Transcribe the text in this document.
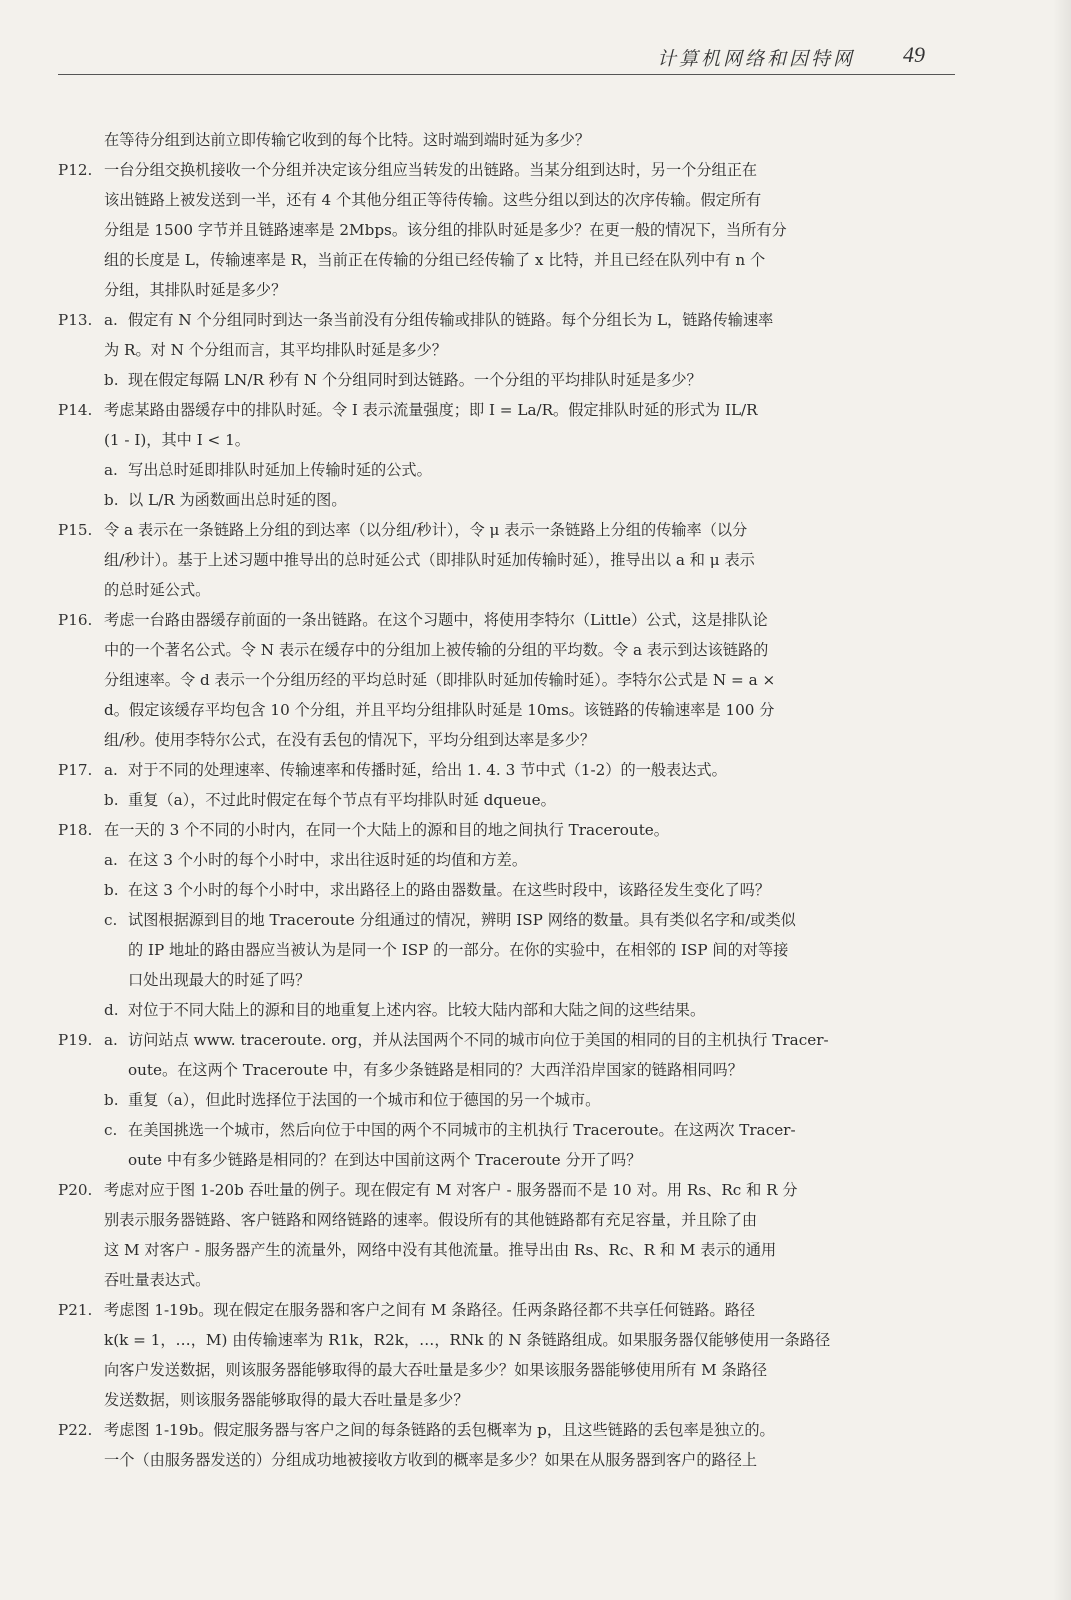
计算机网络和因特网 49
在等待分组到达前立即传输它收到的每个比特。这时端到端时延为多少？
P12. 一台分组交换机接收一个分组并决定该分组应当转发的出链路。当某分组到达时，另一个分组正在
该出链路上被发送到一半，还有 4 个其他分组正等待传输。这些分组以到达的次序传输。假定所有
分组是 1500 字节并且链路速率是 2Mbps。该分组的排队时延是多少？在更一般的情况下，当所有分
组的长度是 L，传输速率是 R，当前正在传输的分组已经传输了 x 比特，并且已经在队列中有 n 个
分组，其排队时延是多少？
P13. a. 假定有 N 个分组同时到达一条当前没有分组传输或排队的链路。每个分组长为 L，链路传输速率
为 R。对 N 个分组而言，其平均排队时延是多少？
b. 现在假定每隔 LN/R 秒有 N 个分组同时到达链路。一个分组的平均排队时延是多少？
P14. 考虑某路由器缓存中的排队时延。令 I 表示流量强度；即 I = La/R。假定排队时延的形式为 IL/R
(1 - I)，其中 I < 1。
a. 写出总时延即排队时延加上传输时延的公式。
b. 以 L/R 为函数画出总时延的图。
P15. 令 a 表示在一条链路上分组的到达率（以分组/秒计），令 μ 表示一条链路上分组的传输率（以分
组/秒计）。基于上述习题中推导出的总时延公式（即排队时延加传输时延），推导出以 a 和 μ 表示
的总时延公式。
P16. 考虑一台路由器缓存前面的一条出链路。在这个习题中，将使用李特尔（Little）公式，这是排队论
中的一个著名公式。令 N 表示在缓存中的分组加上被传输的分组的平均数。令 a 表示到达该链路的
分组速率。令 d 表示一个分组历经的平均总时延（即排队时延加传输时延）。李特尔公式是 N = a ×
d。假定该缓存平均包含 10 个分组，并且平均分组排队时延是 10ms。该链路的传输速率是 100 分
组/秒。使用李特尔公式，在没有丢包的情况下，平均分组到达率是多少？
P17. a. 对于不同的处理速率、传输速率和传播时延，给出 1. 4. 3 节中式（1-2）的一般表达式。
b. 重复（a），不过此时假定在每个节点有平均排队时延 dqueue。
P18. 在一天的 3 个不同的小时内，在同一个大陆上的源和目的地之间执行 Traceroute。
a. 在这 3 个小时的每个小时中，求出往返时延的均值和方差。
b. 在这 3 个小时的每个小时中，求出路径上的路由器数量。在这些时段中，该路径发生变化了吗？
c. 试图根据源到目的地 Traceroute 分组通过的情况，辨明 ISP 网络的数量。具有类似名字和/或类似
的 IP 地址的路由器应当被认为是同一个 ISP 的一部分。在你的实验中，在相邻的 ISP 间的对等接
口处出现最大的时延了吗？
d. 对位于不同大陆上的源和目的地重复上述内容。比较大陆内部和大陆之间的这些结果。
P19. a. 访问站点 www. traceroute. org，并从法国两个不同的城市向位于美国的相同的目的主机执行 Tracer-
oute。在这两个 Traceroute 中，有多少条链路是相同的？大西洋沿岸国家的链路相同吗？
b. 重复（a），但此时选择位于法国的一个城市和位于德国的另一个城市。
c. 在美国挑选一个城市，然后向位于中国的两个不同城市的主机执行 Traceroute。在这两次 Tracer-
oute 中有多少链路是相同的？在到达中国前这两个 Traceroute 分开了吗？
P20. 考虑对应于图 1-20b 吞吐量的例子。现在假定有 M 对客户 - 服务器而不是 10 对。用 Rs、Rc 和 R 分
别表示服务器链路、客户链路和网络链路的速率。假设所有的其他链路都有充足容量，并且除了由
这 M 对客户 - 服务器产生的流量外，网络中没有其他流量。推导出由 Rs、Rc、R 和 M 表示的通用
吞吐量表达式。
P21. 考虑图 1-19b。现在假定在服务器和客户之间有 M 条路径。任两条路径都不共享任何链路。路径
k(k = 1，…，M) 由传输速率为 R1k，R2k，…，RNk 的 N 条链路组成。如果服务器仅能够使用一条路径
向客户发送数据，则该服务器能够取得的最大吞吐量是多少？如果该服务器能够使用所有 M 条路径
发送数据，则该服务器能够取得的最大吞吐量是多少？
P22. 考虑图 1-19b。假定服务器与客户之间的每条链路的丢包概率为 p，且这些链路的丢包率是独立的。
一个（由服务器发送的）分组成功地被接收方收到的概率是多少？如果在从服务器到客户的路径上
